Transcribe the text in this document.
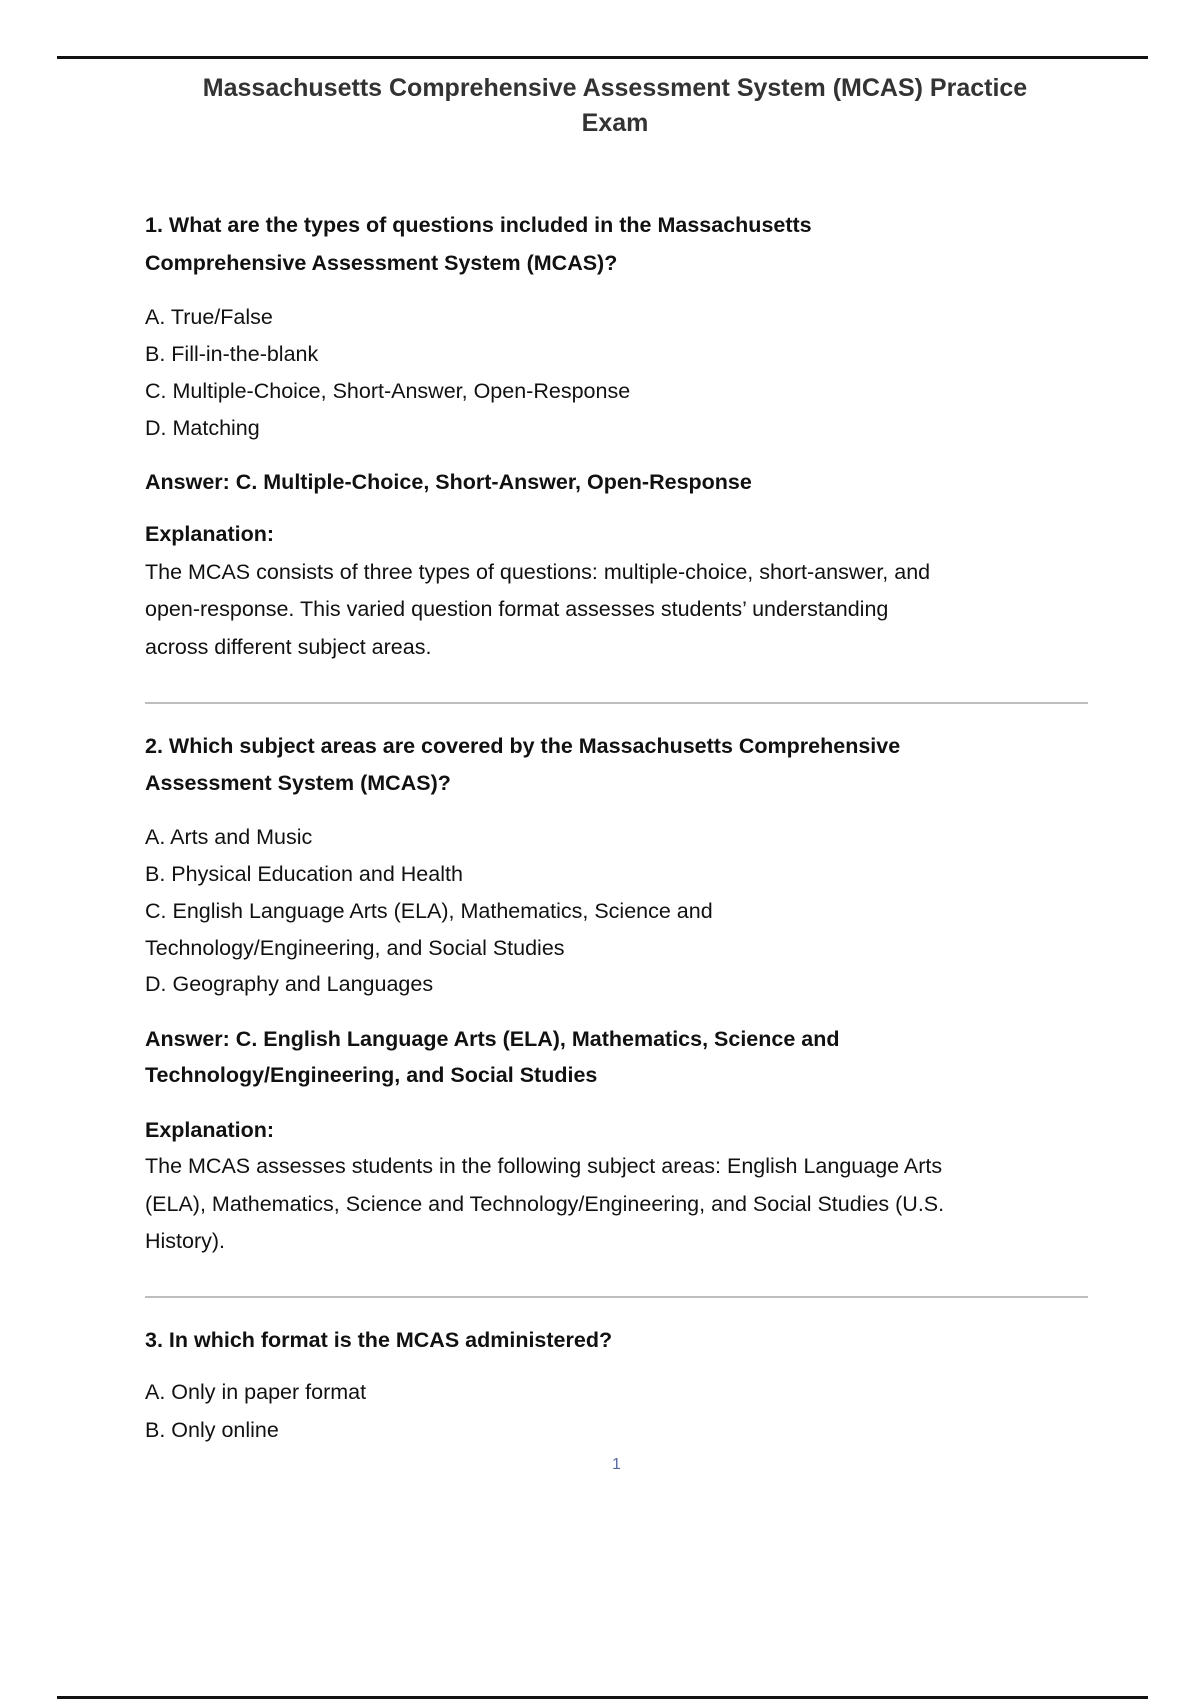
Massachusetts Comprehensive Assessment System (MCAS) Practice
Exam
1. What are the types of questions included in the Massachusetts
Comprehensive Assessment System (MCAS)?
A. True/False
B. Fill-in-the-blank
C. Multiple-Choice, Short-Answer, Open-Response
D. Matching
Answer: C. Multiple-Choice, Short-Answer, Open-Response
Explanation:
The MCAS consists of three types of questions: multiple-choice, short-answer, and
open-response. This varied question format assesses students’ understanding
across different subject areas.
2. Which subject areas are covered by the Massachusetts Comprehensive
Assessment System (MCAS)?
A. Arts and Music
B. Physical Education and Health
C. English Language Arts (ELA), Mathematics, Science and
Technology/Engineering, and Social Studies
D. Geography and Languages
Answer: C. English Language Arts (ELA), Mathematics, Science and
Technology/Engineering, and Social Studies
Explanation:
The MCAS assesses students in the following subject areas: English Language Arts
(ELA), Mathematics, Science and Technology/Engineering, and Social Studies (U.S.
History).
3. In which format is the MCAS administered?
A. Only in paper format
B. Only online
1
